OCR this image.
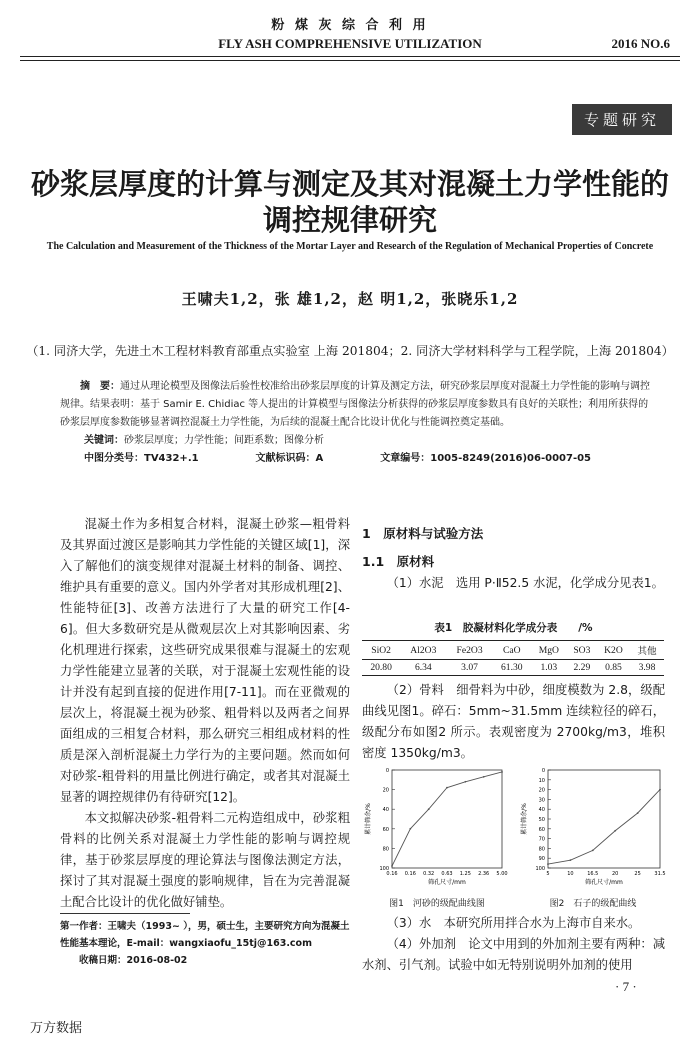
粉 煤 灰 综 合 利 用
FLY ASH COMPREHENSIVE UTILIZATION	2016 NO.6
专题研究
砂浆层厚度的计算与测定及其对混凝土力学性能的
调控规律研究
The Calculation and Measurement of the Thickness of the Mortar Layer and Research of the Regulation of Mechanical Properties of Concrete
王啸夫1,2，张 雄1,2，赵 明1,2，张晓乐1,2
（1. 同济大学，先进土木工程材料教育部重点实验室 上海 201804；2. 同济大学材料科学与工程学院，上海 201804）
摘　要：通过从理论模型及图像法后验性校准给出砂浆层厚度的计算及测定方法，研究砂浆层厚度对混凝土力学性能的影响与调控规律。结果表明：基于 Samir E. Chidiac 等人提出的计算模型与图像法分析获得的砂浆层厚度参数具有良好的关联性；利用所获得的砂浆层厚度参数能够显著调控混凝土力学性能，为后续的混凝土配合比设计优化与性能调控奠定基础。
关键词：砂浆层厚度；力学性能；间距系数；图像分析
中图分类号：TV432+.1	文献标识码：A	文章编号：1005-8249(2016)06-0007-05

混凝土作为多相复合材料，混凝土砂浆—粗骨料及其界面过渡区是影响其力学性能的关键区域[1]，深入了解他们的演变规律对混凝土材料的制备、调控、维护具有重要的意义。国内外学者对其形成机理[2]、性能特征[3]、改善方法进行了大量的研究工作[4-6]。但大多数研究是从微观层次上对其影响因素、劣化机理进行探索，这些研究成果很难与混凝土的宏观力学性能建立显著的关联，对于混凝土宏观性能的设计并没有起到直接的促进作用[7-11]。而在亚微观的层次上，将混凝土视为砂浆、粗骨料以及两者之间界面组成的三相复合材料，那么研究三相组成材料的性质是深入剖析混凝土力学行为的主要问题。然而如何对砂浆-粗骨料的用量比例进行确定，或者其对混凝土显著的调控规律仍有待研究[12]。

本文拟解决砂浆-粗骨料二元构造组成中，砂浆粗骨料的比例关系对混凝土力学性能的影响与调控规律，基于砂浆层厚度的理论算法与图像法测定方法，探讨了其对混凝土强度的影响规律，旨在为完善混凝土配合比设计的优化做好铺垫。

第一作者：王啸夫（1993~ ），男，硕士生，主要研究方向为混凝土性能基本理论，E-mail：wangxiaofu_15tj@163.com
收稿日期：2016-08-02
1　原材料与试验方法
1.1　原材料

（1）水泥　选用 P·Ⅱ52.5 水泥，化学成分见表1。

表1　胶凝材料化学成分表　　/%
SiO2	Al2O3	Fe2O3	CaO	MgO	SO3	K2O	其他
20.80	6.34	3.07	61.30	1.03	2.29	0.85	3.98

（2）骨料　细骨料为中砂，细度模数为 2.8，级配曲线见图1。碎石：5mm~31.5mm 连续粒径的碎石，级配分布如图2 所示。表观密度为 2700kg/m3，堆积密度 1350kg/m3。

0
20
40
60
80
100
0.16 0.16 0.32 0.63 1.25 2.36 5.00
筛孔尺寸/mm
累计筛余/%
0
10
20
30
40
50
60
70
80
90
100
5	10	16.5	20	25	31.5
筛孔尺寸/mm
累计筛余/%
图1　河砂的级配曲线图	图2　石子的级配曲线

（3）水　本研究所用拌合水为上海市自来水。

（4）外加剂　论文中用到的外加剂主要有两种：减水剂、引气剂。试验中如无特别说明外加剂的使用

· 7 ·
万方数据
